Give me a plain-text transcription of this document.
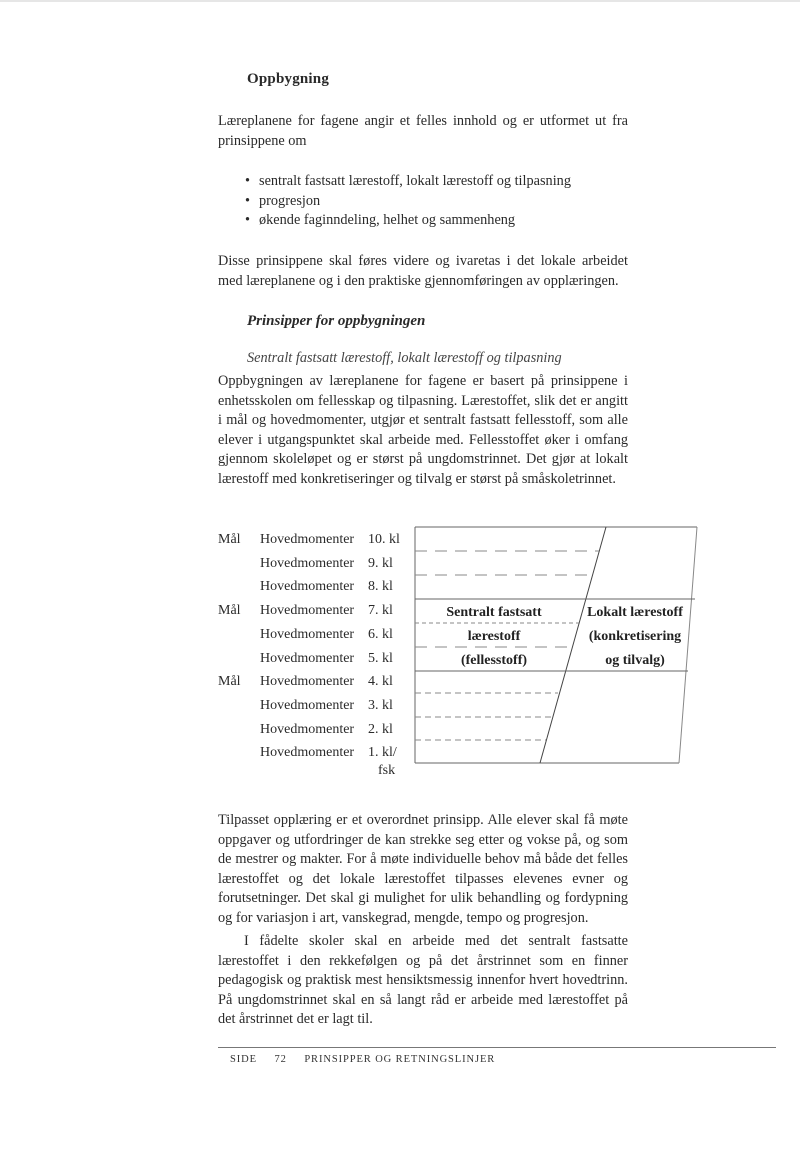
Oppbygning
Læreplanene for fagene angir et felles innhold og er utformet ut fra prinsippene om
• sentralt fastsatt lærestoff, lokalt lærestoff og tilpasning
• progresjon
• økende faginndeling, helhet og sammenheng
Disse prinsippene skal føres videre og ivaretas i det lokale arbeidet med læreplanene og i den praktiske gjennomføringen av opplæringen.
Prinsipper for oppbygningen
Sentralt fastsatt lærestoff, lokalt lærestoff og tilpasning
Oppbygningen av læreplanene for fagene er basert på prinsippene i enhetsskolen om fellesskap og tilpasning. Lærestoffet, slik det er angitt i mål og hovedmomenter, utgjør et sentralt fastsatt fellesstoff, som alle elever i utgangspunktet skal arbeide med. Fellesstoffet øker i omfang gjennom skoleløpet og er størst på ungdomstrinnet. Det gjør at lokalt lærestoff med konkretiseringer og tilvalg er størst på småskoletrinnet.
Mål Hovedmomenter 10. kl
Hovedmomenter 9. kl
Hovedmomenter 8. kl
Mål Hovedmomenter 7. kl
Hovedmomenter 6. kl
Hovedmomenter 5. kl
Mål Hovedmomenter 4. kl
Hovedmomenter 3. kl
Hovedmomenter 2. kl
Hovedmomenter 1. kl/
fsk
Sentralt fastsatt
lærestoff
(fellesstoff)
Lokalt lærestoff
(konkretisering
og tilvalg)
Tilpasset opplæring er et overordnet prinsipp. Alle elever skal få møte oppgaver og utfordringer de kan strekke seg etter og vokse på, og som de mestrer og makter. For å møte individuelle behov må både det felles lærestoffet og det lokale lærestoffet tilpasses elevenes evner og forutsetninger. Det skal gi mulighet for ulik behandling og fordypning og for variasjon i art, vanskegrad, mengde, tempo og progresjon.
I fådelte skoler skal en arbeide med det sentralt fastsatte lærestoffet i den rekkefølgen og på det årstrinnet som en finner pedagogisk og praktisk mest hensiktsmessig innenfor hvert hovedtrinn. På ungdomstrinnet skal en så langt råd er arbeide med lærestoffet på det årstrinnet det er lagt til.
SIDE 72 PRINSIPPER OG RETNINGSLINJER
